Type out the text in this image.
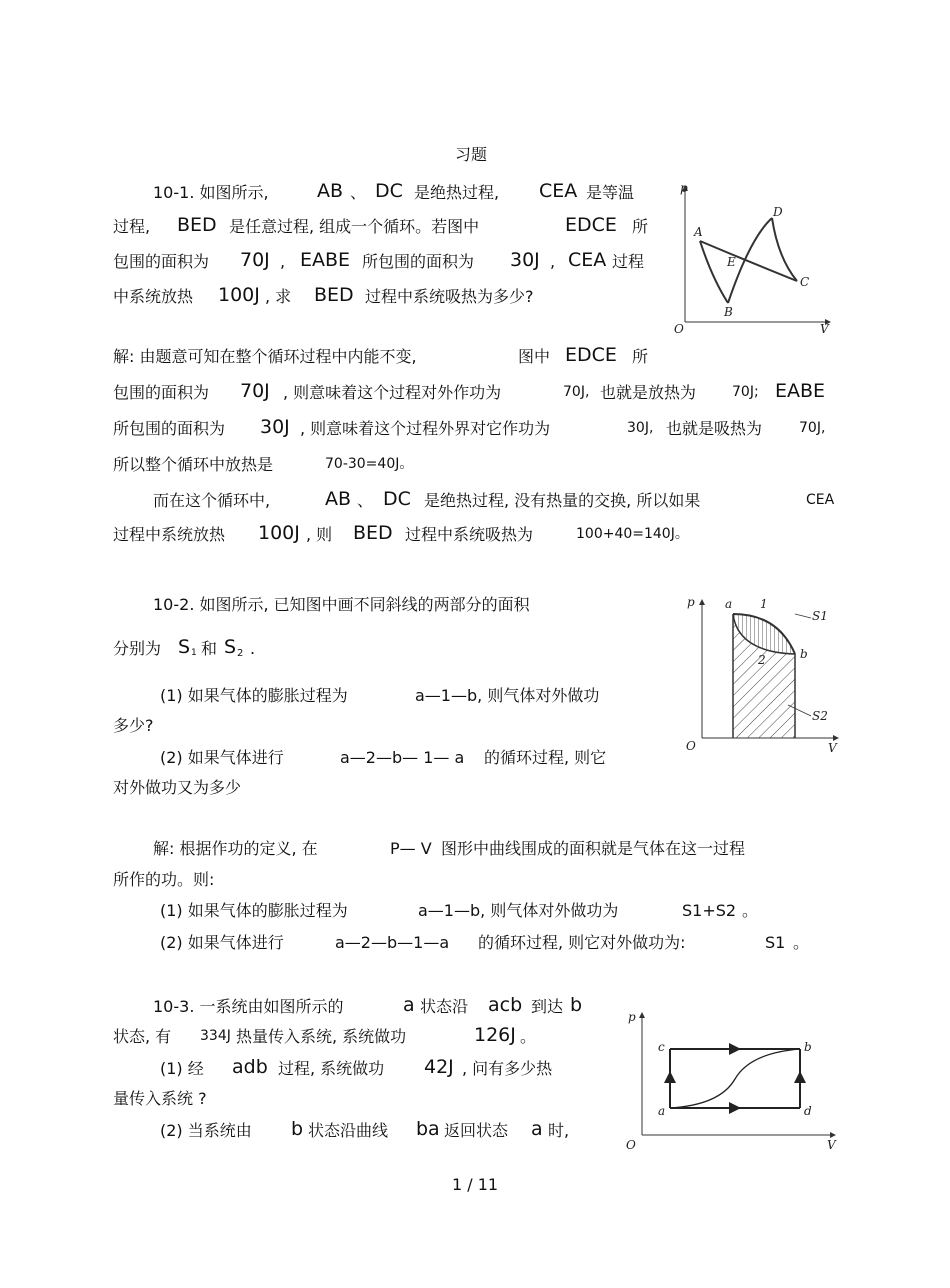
习题
10-1. 如图所示,	AB 、 DC 是绝热过程, CEA 是等温
过程, BED 是任意过程, 组成一个循环。若图中	EDCE 所
包围的面积为 70J , EABE 所包围的面积为 30J , CEA 过程
中系统放热 100J , 求 BED 过程中系统吸热为多少?
p
V
O
A
B
C
D
E
解: 由题意可知在整个循环过程中内能不变,	图中 EDCE 所
包围的面积为 70J , 则意味着这个过程对外作功为	70J, 也就是放热为	70J; EABE
所包围的面积为 30J , 则意味着这个过程外界对它作功为	30J, 也就是吸热为	70J,
所以整个循环中放热是	70-30=40J。
而在这个循环中,	AB 、 DC 是绝热过程, 没有热量的交换, 所以如果	CEA
过程中系统放热 100J , 则 BED 过程中系统吸热为	100+40=140J。
10-2. 如图所示, 已知图中画不同斜线的两部分的面积
分别为 S 1 和 S 2 .
(1) 如果气体的膨胀过程为	a—1—b, 则气体对外做功
多少?
(2) 如果气体进行	a—2—b— 1— a 的循环过程, 则它
对外做功又为多少
p
V
O
a
b
1
2
S1
S2
解: 根据作功的定义, 在	P— V 图形中曲线围成的面积就是气体在这一过程
所作的功。则:
(1) 如果气体的膨胀过程为	a—1—b, 则气体对外做功为	S1+S2 。
(2) 如果气体进行	a—2—b—1—a 的循环过程, 则它对外做功为:	S1 。
10-3. 一系统由如图所示的	a 状态沿 acb 到达 b
状态, 有 334J 热量传入系统, 系统做功	126J 。
(1) 经 adb 过程, 系统做功 42J , 问有多少热
量传入系统 ?
(2) 当系统由 b 状态沿曲线 ba 返回状态 a 时,
p
V
O
a
b
c
d
1 / 11
